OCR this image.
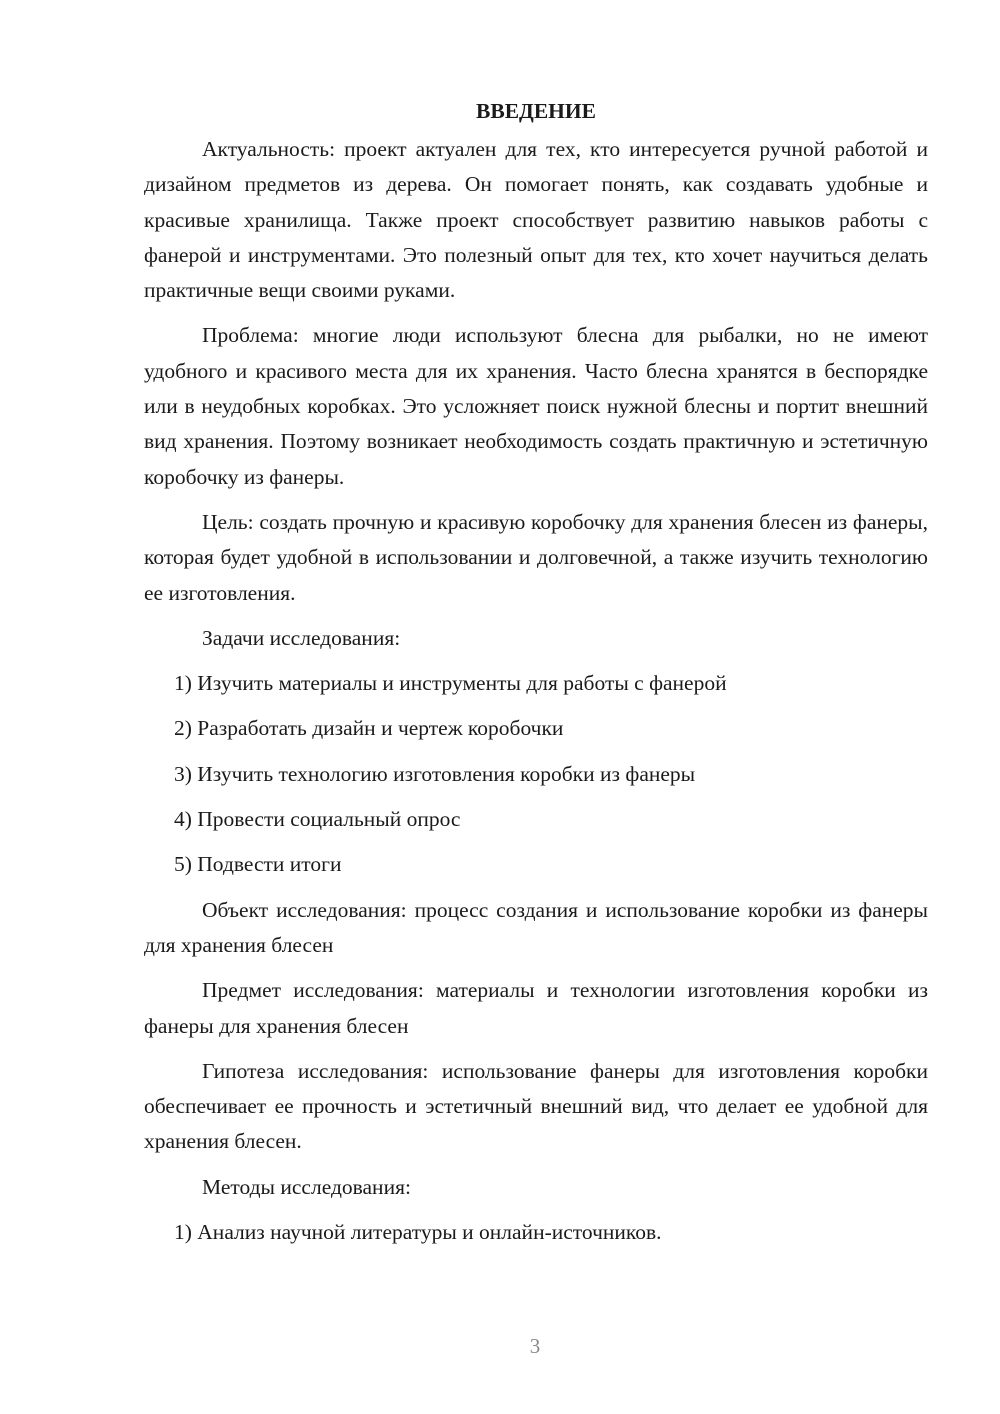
ВВЕДЕНИЕ

Актуальность: проект актуален для тех, кто интересуется ручной работой и дизайном предметов из дерева. Он помогает понять, как создавать удобные и красивые хранилища. Также проект способствует развитию навыков работы с фанерой и инструментами. Это полезный опыт для тех, кто хочет научиться делать практичные вещи своими руками.

Проблема: многие люди используют блесна для рыбалки, но не имеют удобного и красивого места для их хранения. Часто блесна хранятся в беспорядке или в неудобных коробках. Это усложняет поиск нужной блесны и портит внешний вид хранения. Поэтому возникает необходимость создать практичную и эстетичную коробочку из фанеры.

Цель: создать прочную и красивую коробочку для хранения блесен из фанеры, которая будет удобной в использовании и долговечной, а также изучить технологию ее изготовления.

Задачи исследования:

1) Изучить материалы и инструменты для работы с фанерой

2) Разработать дизайн и чертеж коробочки

3) Изучить технологию изготовления коробки из фанеры

4) Провести социальный опрос

5) Подвести итоги

Объект исследования: процесс создания и использование коробки из фанеры для хранения блесен

Предмет исследования: материалы и технологии изготовления коробки из фанеры для хранения блесен

Гипотеза исследования: использование фанеры для изготовления коробки обеспечивает ее прочность и эстетичный внешний вид, что делает ее удобной для хранения блесен.

Методы исследования:

1) Анализ научной литературы и онлайн-источников.

3
